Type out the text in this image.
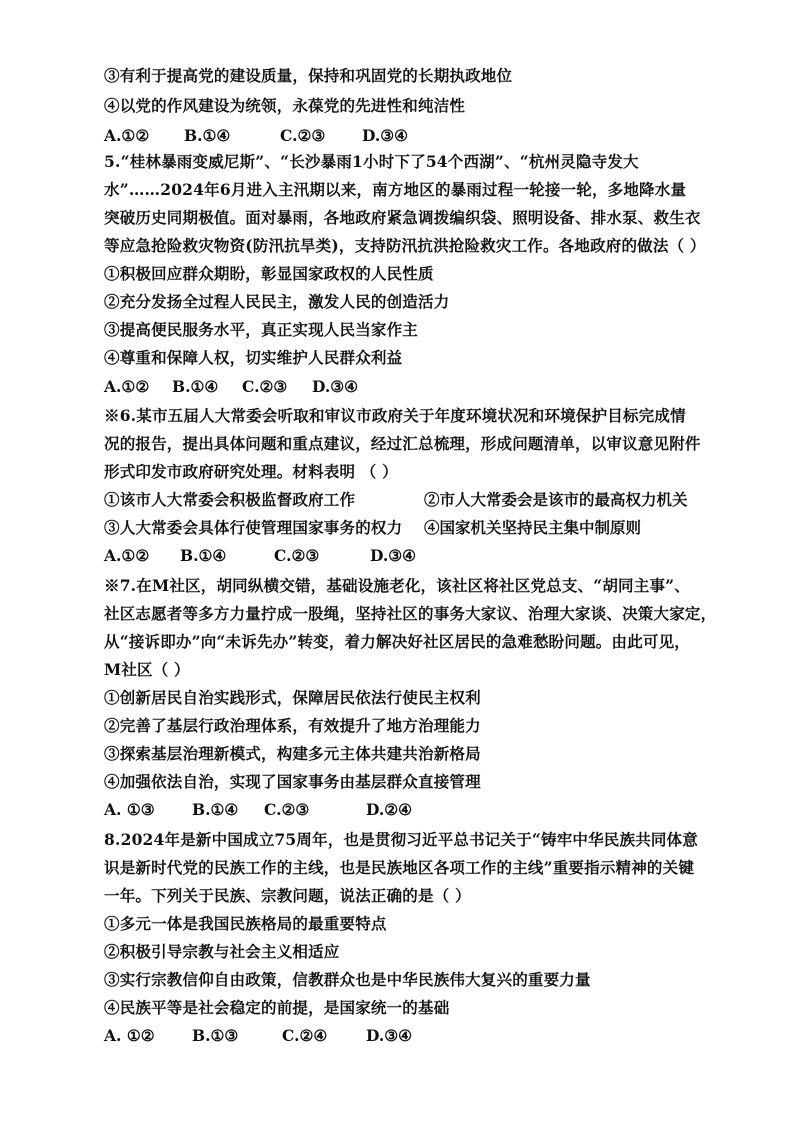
③有利于提高党的建设质量，保持和巩固党的长期执政地位
④以党的作风建设为统领，永葆党的先进性和纯洁性
A.①② B.①④	C.②③ D.③④
5.“桂林暴雨变威尼斯”、“长沙暴雨1小时下了54个西湖”、“杭州灵隐寺发大
水”……2024年6月进入主汛期以来，南方地区的暴雨过程一轮接一轮，多地降水量
突破历史同期极值。面对暴雨，各地政府紧急调拨编织袋、照明设备、排水泵、救生衣
等应急抢险救灾物资(防汛抗旱类)，支持防汛抗洪抢险救灾工作。各地政府的做法（ ）
①积极回应群众期盼，彰显国家政权的人民性质
②充分发扬全过程人民民主，激发人民的创造活力
③提高便民服务水平，真正实现人民当家作主
④尊重和保障人权，切实维护人民群众利益
A.①② B.①④ C.②③ D.③④
※6.某市五届人大常委会听取和审议市政府关于年度环境状况和环境保护目标完成情
况的报告，提出具体问题和重点建议，经过汇总梳理，形成问题清单，以审议意见附件
形式印发市政府研究处理。材料表明 （ ）
①该市人大常委会积极监督政府工作	②市人大常委会是该市的最高权力机关
③人大常委会具体行使管理国家事务的权力	④国家机关坚持民主集中制原则
A.①② B.①④	C.②③	D.③④
※7.在M社区，胡同纵横交错，基础设施老化，该社区将社区党总支、“胡同主事”、
社区志愿者等多方力量拧成一股绳，坚持社区的事务大家议、治理大家谈、决策大家定，
从“接诉即办”向“未诉先办”转变，着力解决好社区居民的急难愁盼问题。由此可见，
M社区（ ）
①创新居民自治实践形式，保障居民依法行使民主权利
②完善了基层行政治理体系，有效提升了地方治理能力
③探索基层治理新模式，构建多元主体共建共治新格局
④加强依法自治，实现了国家事务由基层群众直接管理
A. ①③ B.①④ C.②③	D.②④
8.2024年是新中国成立75周年，也是贯彻习近平总书记关于“铸牢中华民族共同体意
识是新时代党的民族工作的主线，也是民族地区各项工作的主线”重要指示精神的关键
一年。下列关于民族、宗教问题，说法正确的是（ ）
①多元一体是我国民族格局的最重要特点
②积极引导宗教与社会主义相适应
③实行宗教信仰自由政策，信教群众也是中华民族伟大复兴的重要力量
④民族平等是社会稳定的前提，是国家统一的基础
A. ①② B.①③	C.②④ D.③④
